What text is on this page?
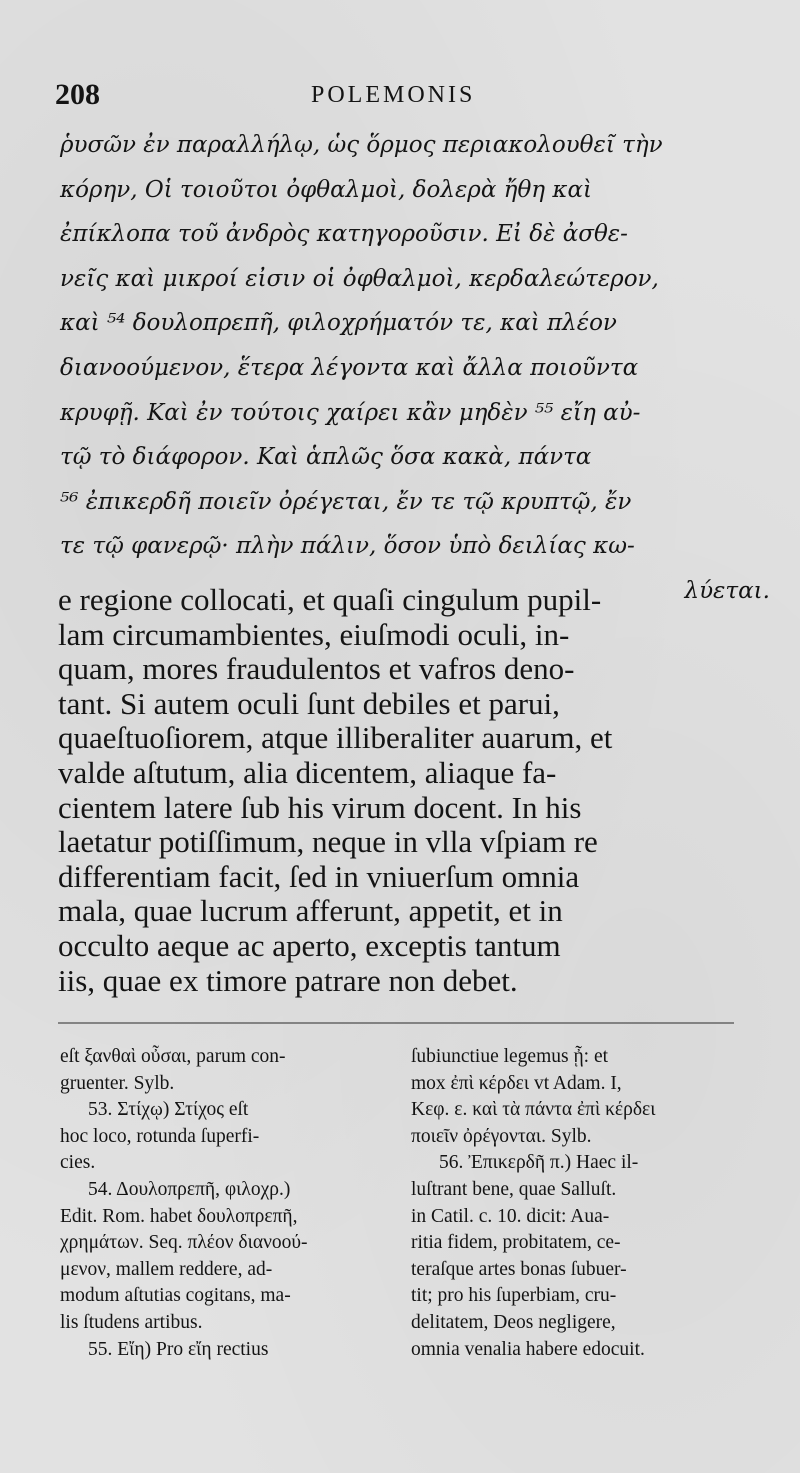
208	POLEMONIS
ῥυσῶν ἐν παραλλήλῳ, ὡς ὅρμος περιακολουθεῖ τὴν
κόρην, Οἱ τοιοῦτοι ὀφθαλμοὶ, δολερὰ ἤθη καὶ
ἐπίκλοπα τοῦ ἀνδρὸς κατηγοροῦσιν. Εἰ δὲ ἀσθε-
νεῖς καὶ μικροί εἰσιν οἱ ὀφθαλμοὶ, κερδαλεώτερον,
καὶ ⁵⁴ δουλοπρεπῆ, φιλοχρήματόν τε, καὶ πλέον
διανοούμενον, ἕτερα λέγοντα καὶ ἄλλα ποιοῦντα
κρυφῇ. Καὶ ἐν τούτοις χαίρει κἂν μηδὲν ⁵⁵ εἴη αὐ-
τῷ τὸ διάφορον. Καὶ ἁπλῶς ὅσα κακὰ, πάντα
⁵⁶ ἐπικερδῆ ποιεῖν ὀρέγεται, ἔν τε τῷ κρυπτῷ, ἔν
τε τῷ φανερῷ· πλὴν πάλιν, ὅσον ὑπὸ δειλίας κω-
λύεται.
e regione collocati, et quaſi cingulum pupil-
lam circumambientes, eiuſmodi oculi, in-
quam, mores fraudulentos et vafros deno-
tant. Si autem oculi ſunt debiles et parui,
quaeſtuoſiorem, atque illiberaliter auarum, et
valde aſtutum, alia dicentem, aliaque fa-
cientem latere ſub his virum docent. In his
laetatur potiſſimum, neque in vlla vſpiam re
differentiam facit, ſed in vniuerſum omnia
mala, quae lucrum afferunt, appetit, et in
occulto aeque ac aperto, exceptis tantum
iis, quae ex timore patrare non debet.
eſt ξανθαὶ οὖσαι, parum con-
gruenter. Sylb.
53. Στίχῳ) Στίχος eſt
hoc loco, rotunda ſuperfi-
cies.
54. Δουλοπρεπῆ, φιλοχρ.)
Edit. Rom. habet δουλοπρεπῆ,
χρημάτων. Seq. πλέον διανοού-
μενον, mallem reddere, ad-
modum aſtutias cogitans, ma-
lis ſtudens artibus.
55. Εἴη) Pro εἴη rectius
ſubiunctiue legemus ᾖ: et
mox ἐπὶ κέρδει vt Adam. I,
Κεφ. ε. καὶ τὰ πάντα ἐπὶ κέρδει
ποιεῖν ὀρέγονται. Sylb.
56. Ἐπικερδῆ π.) Haec il-
luſtrant bene, quae Salluſt.
in Catil. c. 10. dicit: Aua-
ritia fidem, probitatem, ce-
teraſque artes bonas ſubuer-
tit; pro his ſuperbiam, cru-
delitatem, Deos negligere,
omnia venalia habere edocuit.
